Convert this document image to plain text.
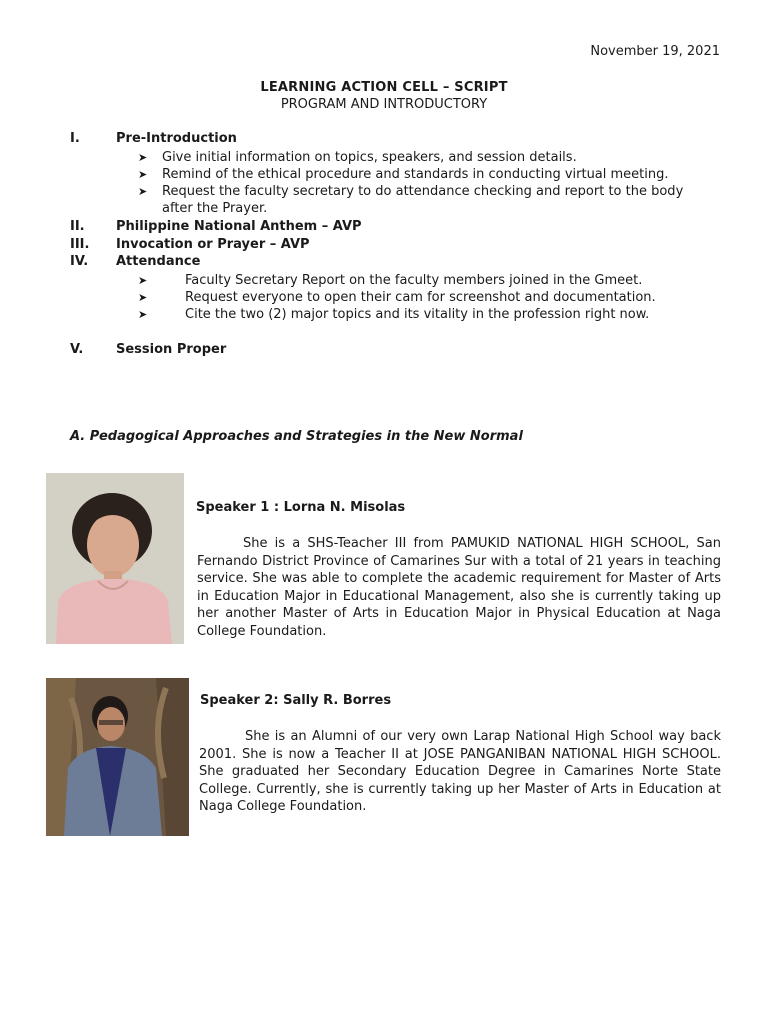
November 19, 2021
LEARNING ACTION CELL – SCRIPT
PROGRAM AND INTRODUCTORY
I.	Pre-Introduction
➤ Give initial information on topics, speakers, and session details.
➤ Remind of the ethical procedure and standards in conducting virtual meeting.
➤ Request the faculty secretary to do attendance checking and report to the body after the Prayer.
II. Philippine National Anthem – AVP
III. Invocation or Prayer – AVP
IV. Attendance
➤	Faculty Secretary Report on the faculty members joined in the Gmeet.
➤	Request everyone to open their cam for screenshot and documentation.
➤	Cite the two (2) major topics and its vitality in the profession right now.
V.	Session Proper
A. Pedagogical Approaches and Strategies in the New Normal
Speaker 1 : Lorna N. Misolas
She is a SHS-Teacher III from PAMUKID NATIONAL HIGH SCHOOL, San Fernando District Province of Camarines Sur with a total of 21 years in teaching service. She was able to complete the academic requirement for Master of Arts in Education Major in Educational Management, also she is currently taking up her another Master of Arts in Education Major in Physical Education at Naga College Foundation.
Speaker 2: Sally R. Borres
She is an Alumni of our very own Larap National High School way back 2001. She is now a Teacher II at JOSE PANGANIBAN NATIONAL HIGH SCHOOL. She graduated her Secondary Education Degree in Camarines Norte State College. Currently, she is currently taking up her Master of Arts in Education at Naga College Foundation.
